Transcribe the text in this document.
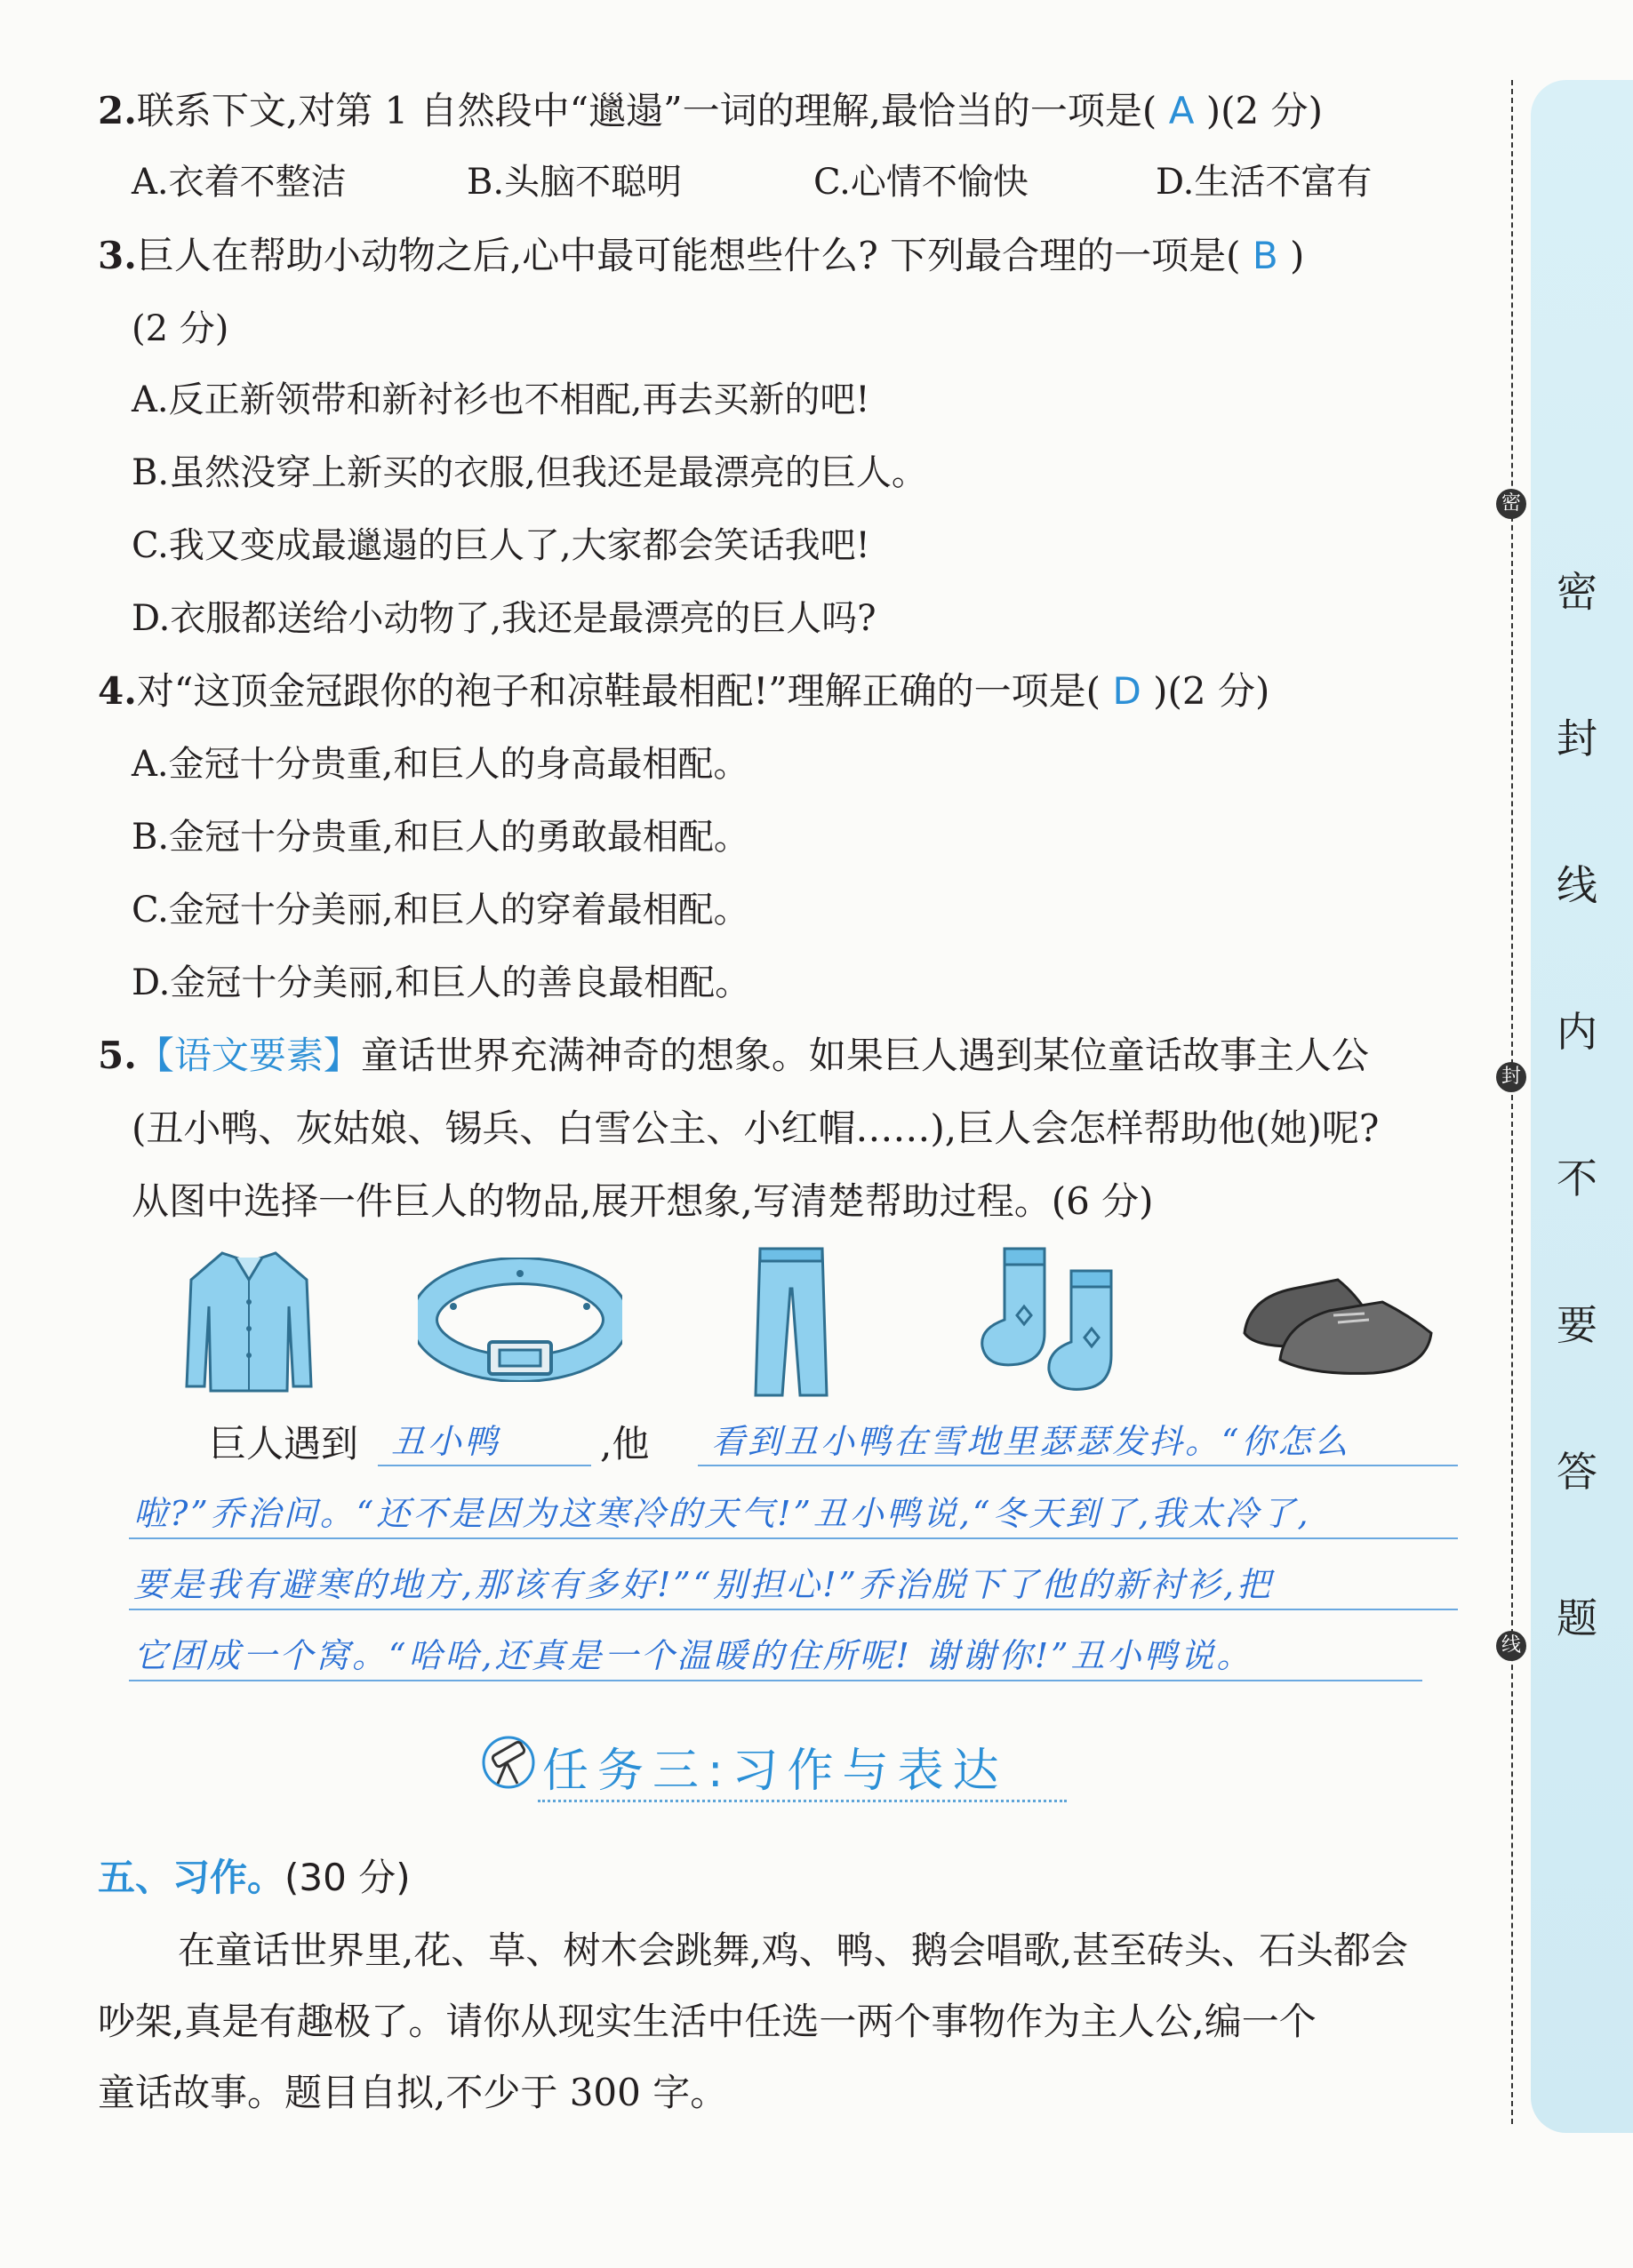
2.联系下文,对第 1 自然段中“邋遢”一词的理解,最恰当的一项是( A )(2 分)
A.衣着不整洁	B.头脑不聪明	C.心情不愉快	D.生活不富有
3.巨人在帮助小动物之后,心中最可能想些什么? 下列最合理的一项是( B )
(2 分)
A.反正新领带和新衬衫也不相配,再去买新的吧!
B.虽然没穿上新买的衣服,但我还是最漂亮的巨人。
C.我又变成最邋遢的巨人了,大家都会笑话我吧!
D.衣服都送给小动物了,我还是最漂亮的巨人吗?
4.对“这顶金冠跟你的袍子和凉鞋最相配!”理解正确的一项是( D )(2 分)
A.金冠十分贵重,和巨人的身高最相配。
B.金冠十分贵重,和巨人的勇敢最相配。
C.金冠十分美丽,和巨人的穿着最相配。
D.金冠十分美丽,和巨人的善良最相配。
5.【语文要素】童话世界充满神奇的想象。如果巨人遇到某位童话故事主人公
(丑小鸭、灰姑娘、锡兵、白雪公主、小红帽……),巨人会怎样帮助他(她)呢?
从图中选择一件巨人的物品,展开想象,写清楚帮助过程。(6 分)
巨人遇到 丑小鸭	,他 看到丑小鸭在雪地里瑟瑟发抖。“你怎么
啦?”乔治问。“还不是因为这寒冷的天气!”丑小鸭说,“冬天到了,我太冷了,
要是我有避寒的地方,那该有多好!”“别担心!”乔治脱下了他的新衬衫,把
它团成一个窝。“哈哈,还真是一个温暖的住所呢! 谢谢你!”丑小鸭说。
任务三:习作与表达
五、习作。(30 分)
在童话世界里,花、草、树木会跳舞,鸡、鸭、鹅会唱歌,甚至砖头、石头都会
吵架,真是有趣极了。请你从现实生活中任选一两个事物作为主人公,编一个
童话故事。题目自拟,不少于 300 字。
密
封
线
密
封
线
内
不
要
答
题
